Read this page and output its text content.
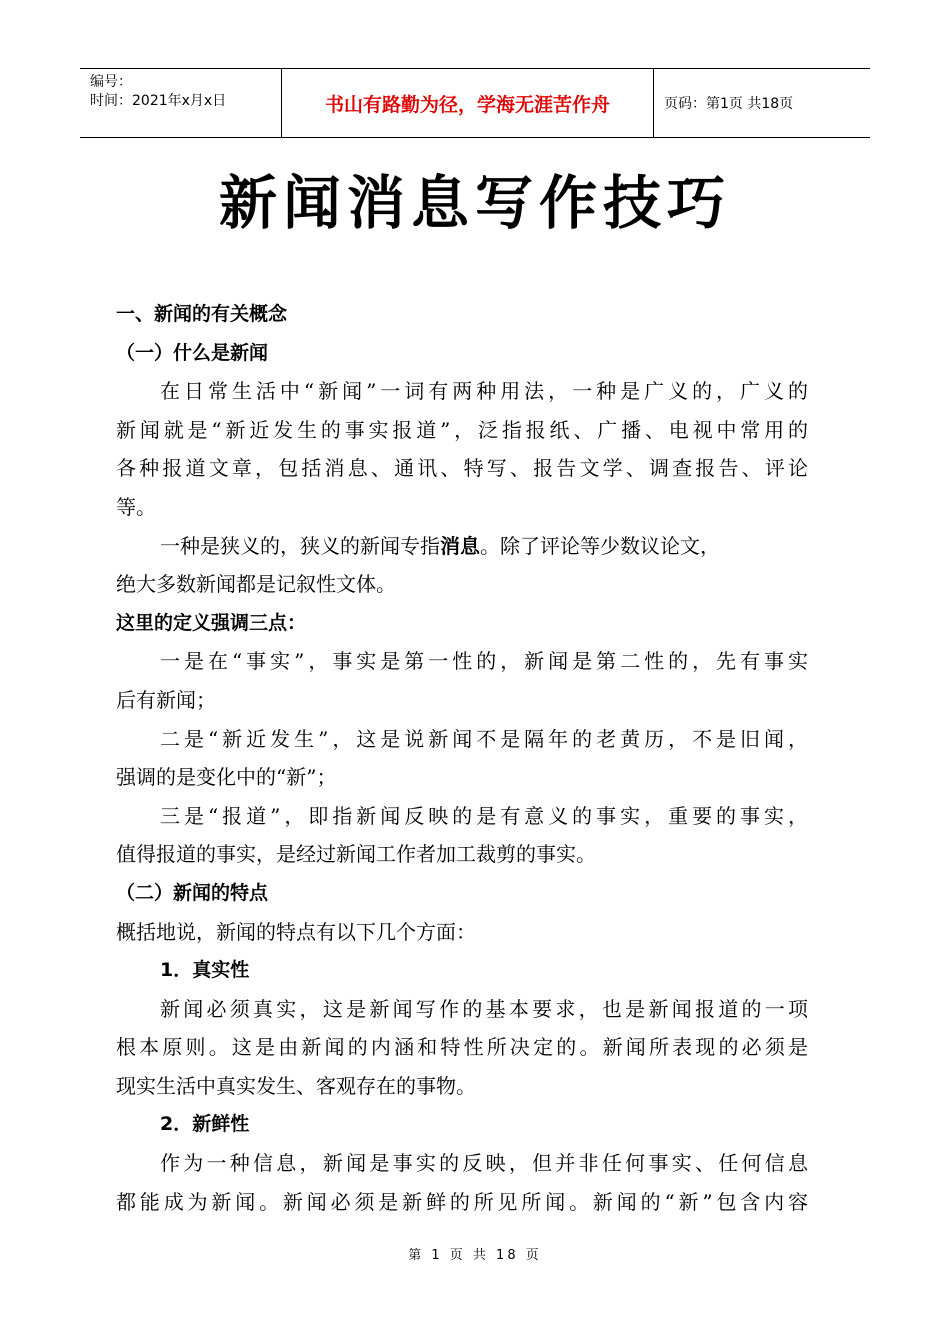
编号：
时间：2021年x月x日	书山有路勤为径，学海无涯苦作舟	页码：第1页 共18页
新闻消息写作技巧
一、新闻的有关概念
（一）什么是新闻
在日常生活中“新闻”一词有两种用法，一种是广义的，广义的
新闻就是“新近发生的事实报道”，泛指报纸、广播、电视中常用的
各种报道文章，包括消息、通讯、特写、报告文学、调查报告、评论
等。
一种是狭义的，狭义的新闻专指消息。除了评论等少数议论文，
绝大多数新闻都是记叙性文体。
这里的定义强调三点：
一是在“事实”，事实是第一性的，新闻是第二性的，先有事实
后有新闻；
二是“新近发生”，这是说新闻不是隔年的老黄历，不是旧闻，
强调的是变化中的“新”；
三是“报道”，即指新闻反映的是有意义的事实，重要的事实，
值得报道的事实，是经过新闻工作者加工裁剪的事实。
（二）新闻的特点
概括地说，新闻的特点有以下几个方面：
1．真实性
新闻必须真实，这是新闻写作的基本要求，也是新闻报道的一项
根本原则。这是由新闻的内涵和特性所决定的。新闻所表现的必须是
现实生活中真实发生、客观存在的事物。
2．新鲜性
作为一种信息，新闻是事实的反映，但并非任何事实、任何信息
都能成为新闻。新闻必须是新鲜的所见所闻。新闻的“新”包含内容
第 1 页 共 18 页
